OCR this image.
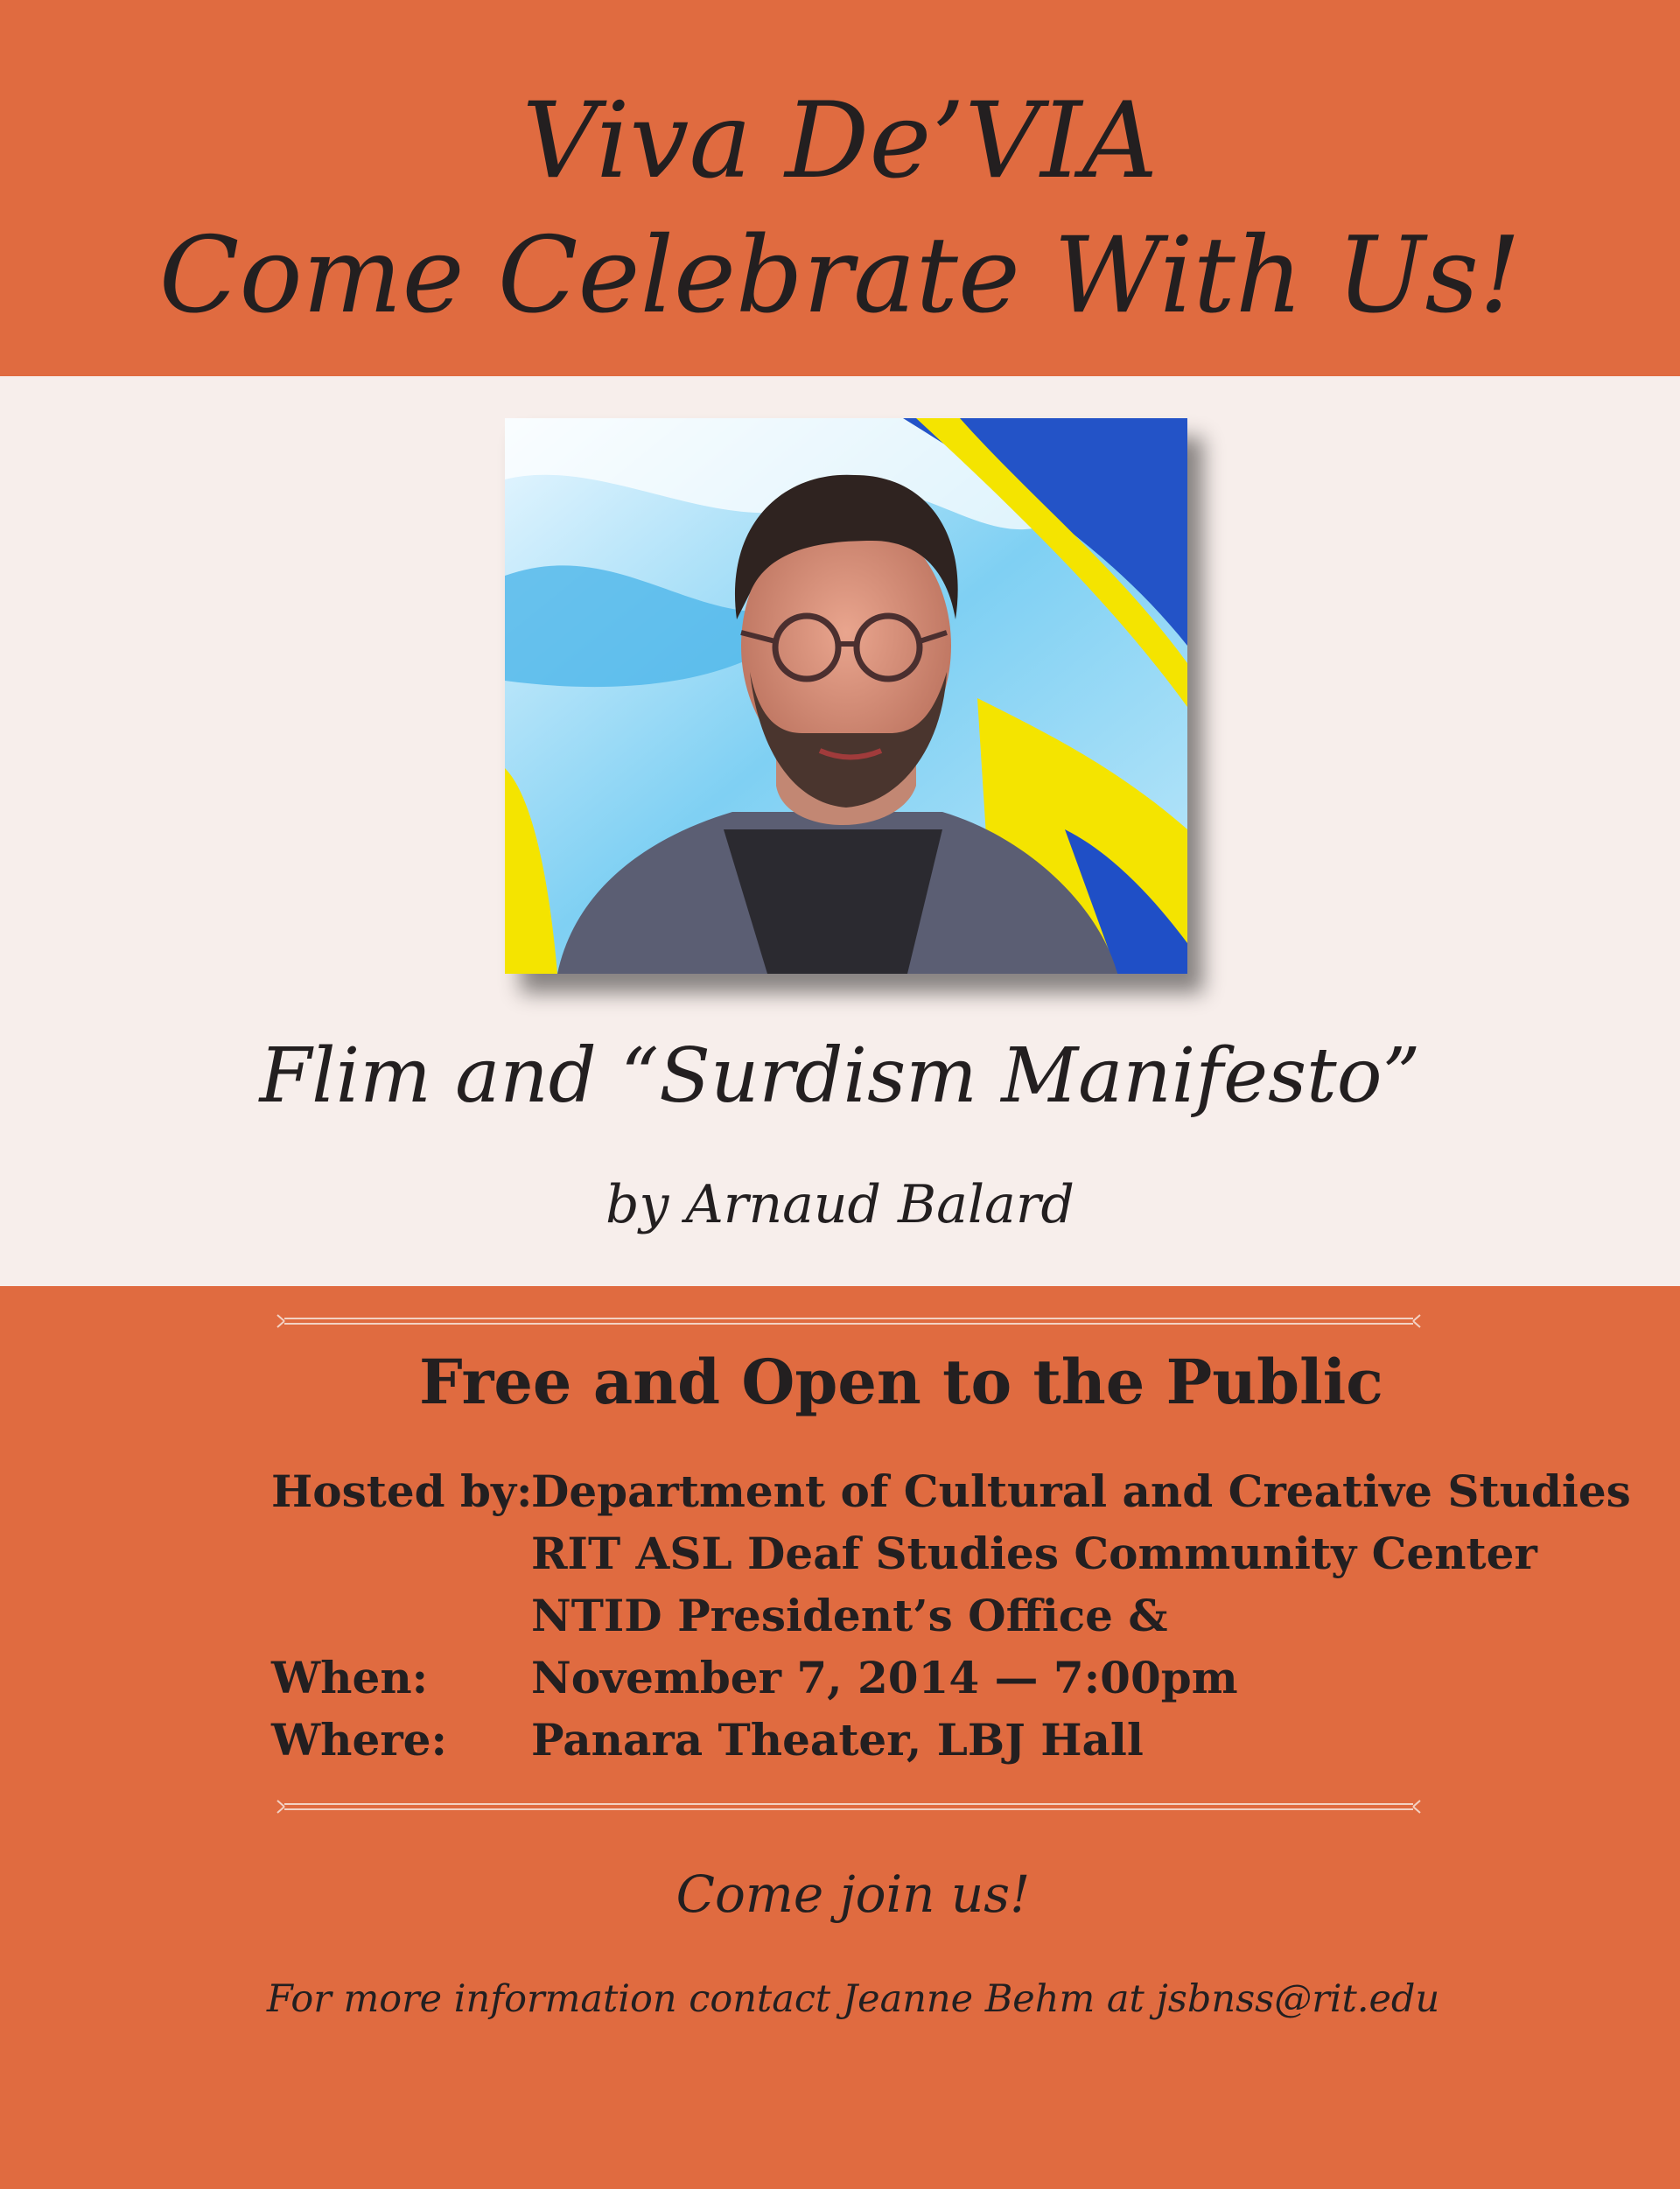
Viva De’VIA
Come Celebrate With Us!
Flim and “Surdism Manifesto”
by Arnaud Balard
Free and Open to the Public
Hosted by:
Department of Cultural and Creative Studies
RIT ASL Deaf Studies Community Center
NTID President’s Office &
When: November 7, 2014 — 7:00pm
Where: Panara Theater, LBJ Hall
Come join us!
For more information contact Jeanne Behm at jsbnss@rit.edu
